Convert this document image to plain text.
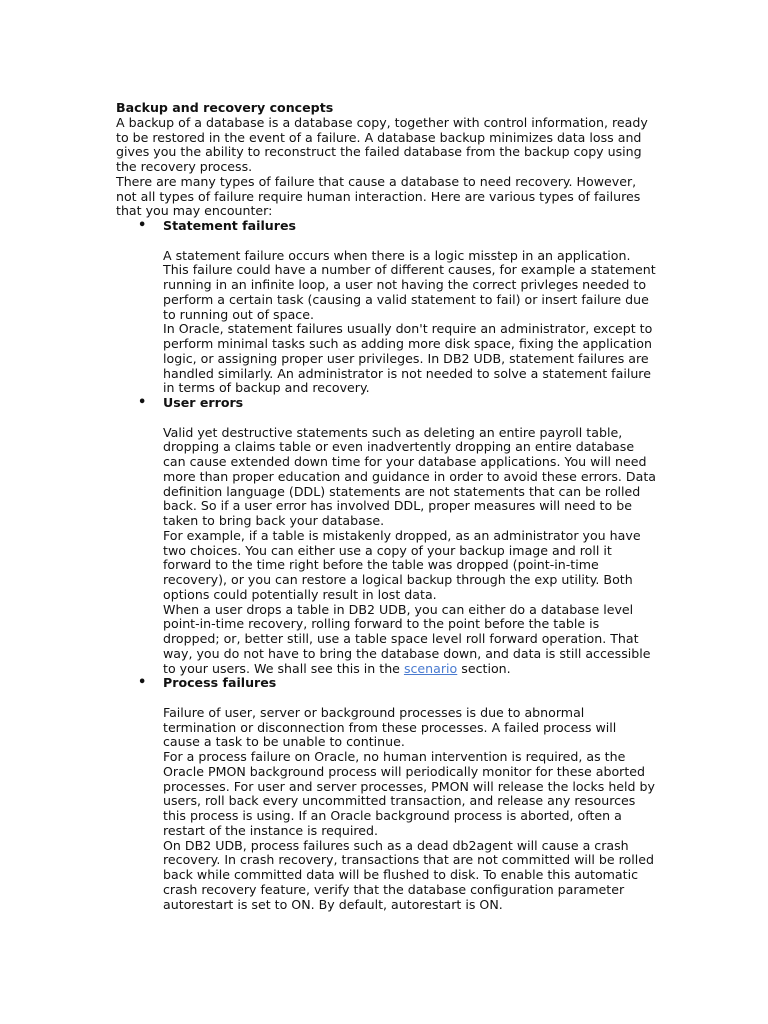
Backup and recovery concepts

A backup of a database is a database copy, together with control information, ready to be restored in the event of a failure. A database backup minimizes data loss and gives you the ability to reconstruct the failed database from the backup copy using the recovery process.

There are many types of failure that cause a database to need recovery. However, not all types of failure require human interaction. Here are various types of failures that you may encounter:

• Statement failures

A statement failure occurs when there is a logic misstep in an application. This failure could have a number of different causes, for example a statement running in an infinite loop, a user not having the correct privleges needed to perform a certain task (causing a valid statement to fail) or insert failure due to running out of space.

In Oracle, statement failures usually don't require an administrator, except to perform minimal tasks such as adding more disk space, fixing the application logic, or assigning proper user privileges. In DB2 UDB, statement failures are handled similarly. An administrator is not needed to solve a statement failure in terms of backup and recovery.

• User errors

Valid yet destructive statements such as deleting an entire payroll table, dropping a claims table or even inadvertently dropping an entire database can cause extended down time for your database applications. You will need more than proper education and guidance in order to avoid these errors. Data definition language (DDL) statements are not statements that can be rolled back. So if a user error has involved DDL, proper measures will need to be taken to bring back your database.

For example, if a table is mistakenly dropped, as an administrator you have two choices. You can either use a copy of your backup image and roll it forward to the time right before the table was dropped (point-in-time recovery), or you can restore a logical backup through the exp utility. Both options could potentially result in lost data.

When a user drops a table in DB2 UDB, you can either do a database level point-in-time recovery, rolling forward to the point before the table is dropped; or, better still, use a table space level roll forward operation. That way, you do not have to bring the database down, and data is still accessible to your users. We shall see this in the scenario section.

• Process failures

Failure of user, server or background processes is due to abnormal termination or disconnection from these processes. A failed process will cause a task to be unable to continue.

For a process failure on Oracle, no human intervention is required, as the Oracle PMON background process will periodically monitor for these aborted processes. For user and server processes, PMON will release the locks held by users, roll back every uncommitted transaction, and release any resources this process is using. If an Oracle background process is aborted, often a restart of the instance is required.

On DB2 UDB, process failures such as a dead db2agent will cause a crash recovery. In crash recovery, transactions that are not committed will be rolled back while committed data will be flushed to disk. To enable this automatic crash recovery feature, verify that the database configuration parameter autorestart is set to ON. By default, autorestart is ON.
